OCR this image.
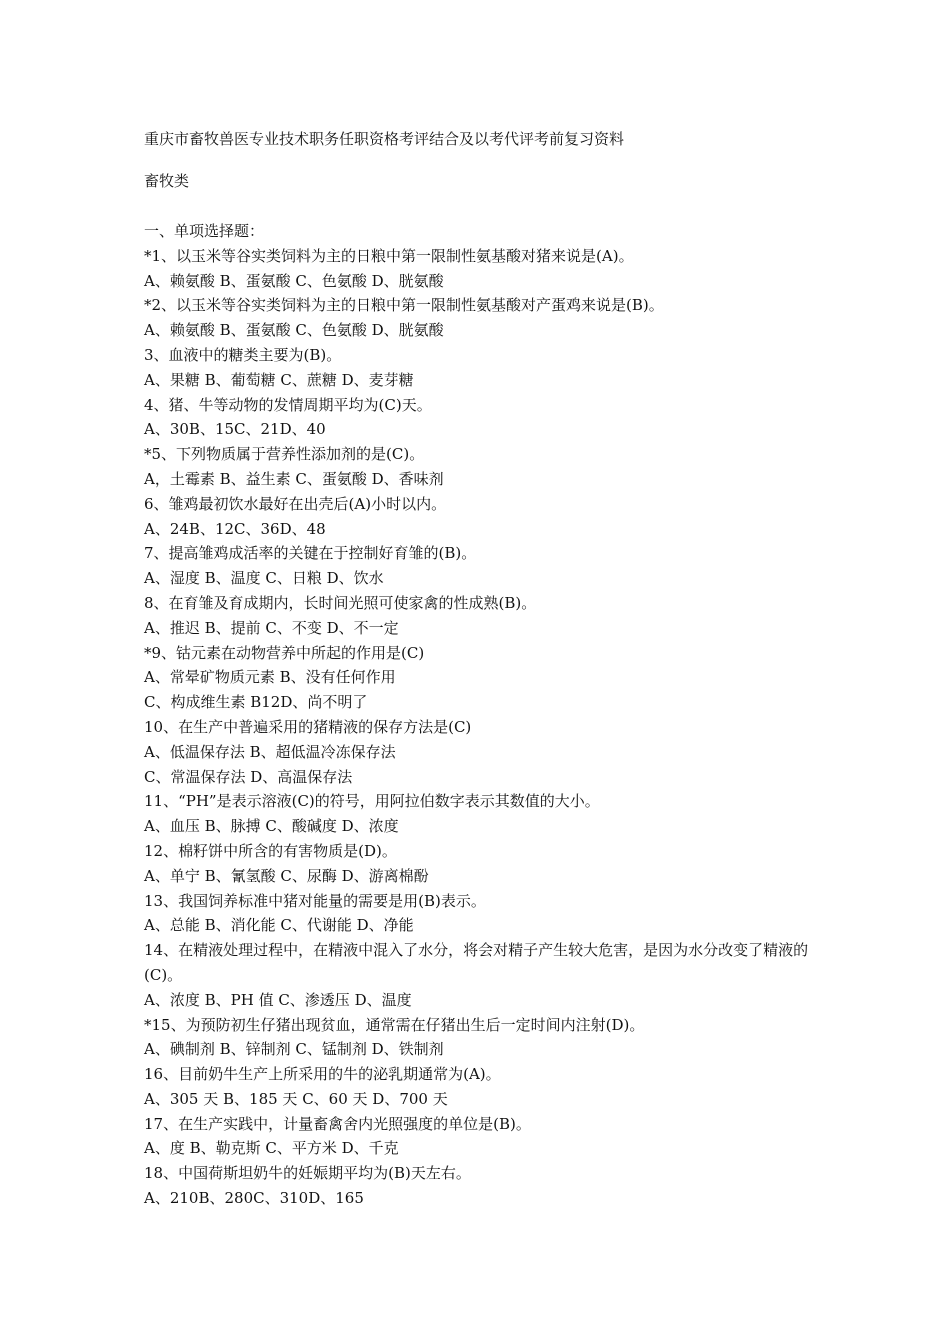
重庆市畜牧兽医专业技术职务任职资格考评结合及以考代评考前复习资料
畜牧类
一、单项选择题：
*1、以玉米等谷实类饲料为主的日粮中第一限制性氨基酸对猪来说是(A)。
A、赖氨酸 B、蛋氨酸 C、色氨酸 D、胱氨酸
*2、以玉米等谷实类饲料为主的日粮中第一限制性氨基酸对产蛋鸡来说是(B)。
A、赖氨酸 B、蛋氨酸 C、色氨酸 D、胱氨酸
3、血液中的糖类主要为(B)。
A、果糖 B、葡萄糖 C、蔗糖 D、麦芽糖
4、猪、牛等动物的发情周期平均为(C)天。
A、30B、15C、21D、40
*5、下列物质属于营养性添加剂的是(C)。
A，土霉素 B、益生素 C、蛋氨酸 D、香味剂
6、雏鸡最初饮水最好在出壳后(A)小时以内。
A、24B、12C、36D、48
7、提高雏鸡成活率的关键在于控制好育雏的(B)。
A、湿度 B、温度 C、日粮 D、饮水
8、在育雏及育成期内，长时间光照可使家禽的性成熟(B)。
A、推迟 B、提前 C、不变 D、不一定
*9、钴元素在动物营养中所起的作用是(C)
A、常晕矿物质元素 B、没有任何作用
C、构成维生素 B12D、尚不明了
10、在生产中普遍采用的猪精液的保存方法是(C)
A、低温保存法 B、超低温冷冻保存法
C、常温保存法 D、高温保存法
11、“PH”是表示溶液(C)的符号，用阿拉伯数字表示其数值的大小。
A、血压 B、脉搏 C、酸碱度 D、浓度
12、棉籽饼中所含的有害物质是(D)。
A、单宁 B、氰氢酸 C、尿酶 D、游离棉酚
13、我国饲养标准中猪对能量的需要是用(B)表示。
A、总能 B、消化能 C、代谢能 D、净能
14、在精液处理过程中，在精液中混入了水分，将会对精子产生较大危害，是因为水分改变了精液的(C)。
A、浓度 B、PH 值 C、渗透压 D、温度
*15、为预防初生仔猪出现贫血，通常需在仔猪出生后一定时间内注射(D)。
A、碘制剂 B、锌制剂 C、锰制剂 D、铁制剂
16、目前奶牛生产上所采用的牛的泌乳期通常为(A)。
A、305 天 B、185 天 C、60 天 D、700 天
17、在生产实践中，计量畜禽舍内光照强度的单位是(B)。
A、度 B、勒克斯 C、平方米 D、千克
18、中国荷斯坦奶牛的妊娠期平均为(B)天左右。
A、210B、280C、310D、165
